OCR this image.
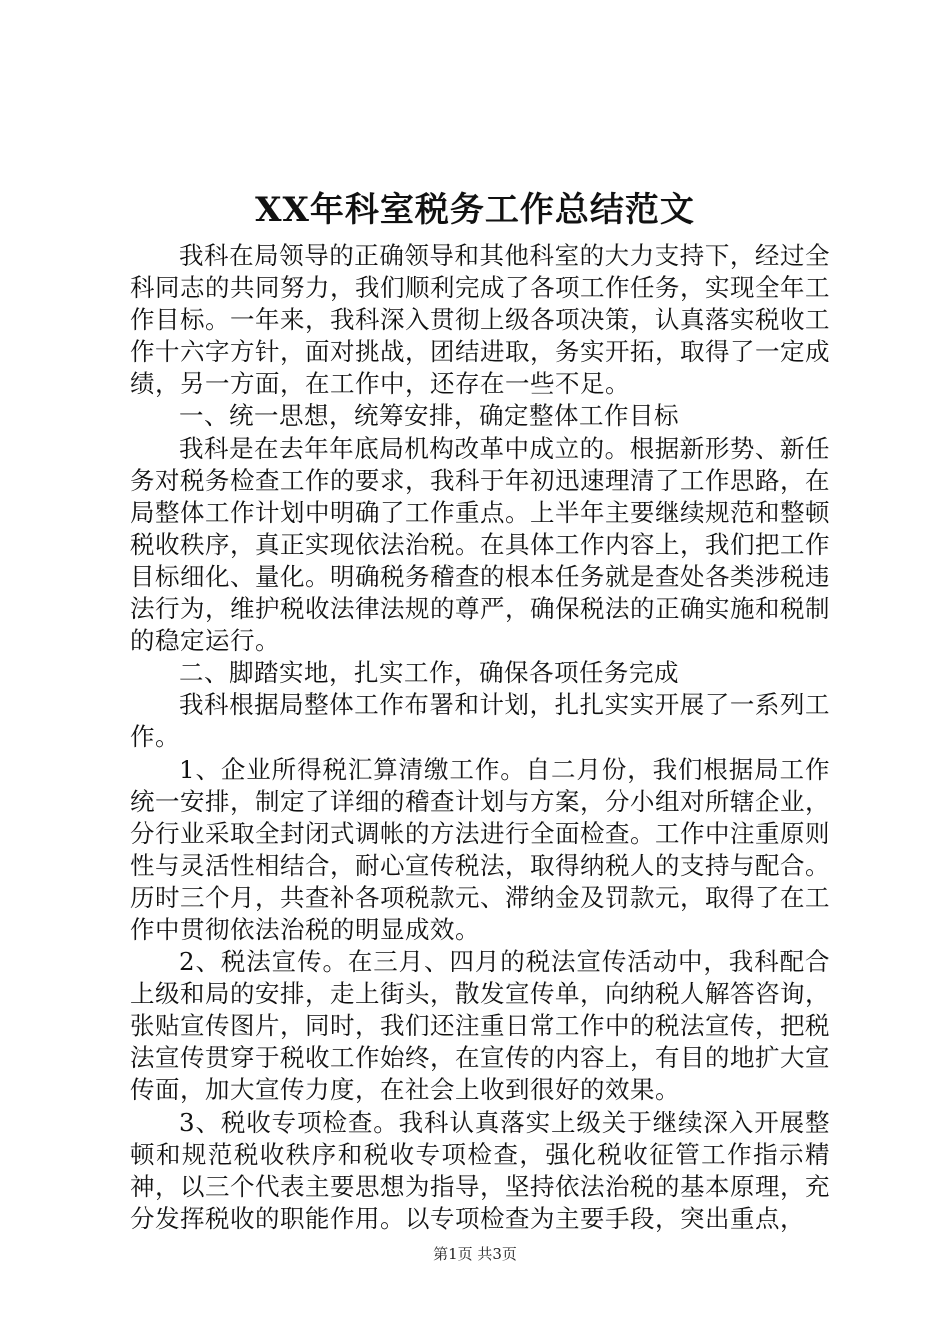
XX年科室税务工作总结范文

我科在局领导的正确领导和其他科室的大力支持下，经过全科同志的共同努力，我们顺利完成了各项工作任务，实现全年工作目标。一年来，我科深入贯彻上级各项决策，认真落实税收工作十六字方针，面对挑战，团结进取，务实开拓，取得了一定成绩，另一方面，在工作中，还存在一些不足。

一、统一思想，统筹安排，确定整体工作目标

我科是在去年年底局机构改革中成立的。根据新形势、新任务对税务检查工作的要求，我科于年初迅速理清了工作思路，在局整体工作计划中明确了工作重点。上半年主要继续规范和整顿税收秩序，真正实现依法治税。在具体工作内容上，我们把工作目标细化、量化。明确税务稽查的根本任务就是查处各类涉税违法行为，维护税收法律法规的尊严，确保税法的正确实施和税制的稳定运行。

二、脚踏实地，扎实工作，确保各项任务完成

我科根据局整体工作布署和计划，扎扎实实开展了一系列工作。

1、企业所得税汇算清缴工作。自二月份，我们根据局工作统一安排，制定了详细的稽查计划与方案，分小组对所辖企业，分行业采取全封闭式调帐的方法进行全面检查。工作中注重原则性与灵活性相结合，耐心宣传税法，取得纳税人的支持与配合。历时三个月，共查补各项税款元、滞纳金及罚款元，取得了在工作中贯彻依法治税的明显成效。

2、税法宣传。在三月、四月的税法宣传活动中，我科配合上级和局的安排，走上街头，散发宣传单，向纳税人解答咨询，张贴宣传图片，同时，我们还注重日常工作中的税法宣传，把税法宣传贯穿于税收工作始终，在宣传的内容上，有目的地扩大宣传面，加大宣传力度，在社会上收到很好的效果。

3、税收专项检查。我科认真落实上级关于继续深入开展整顿和规范税收秩序和税收专项检查，强化税收征管工作指示精神，以三个代表主要思想为指导，坚持依法治税的基本原理，充分发挥税收的职能作用。以专项检查为主要手段，突出重点，

第1页 共3页
